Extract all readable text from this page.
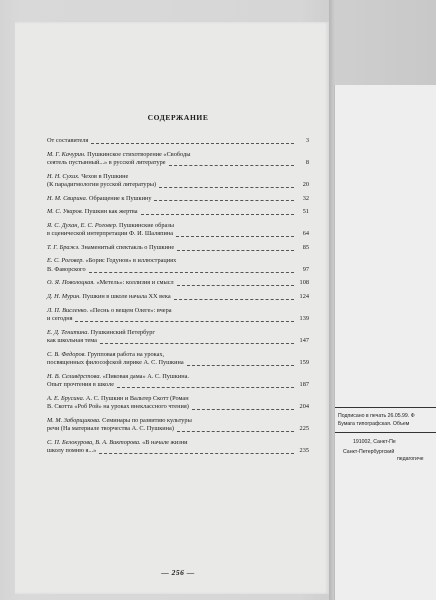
Подписано в печать 26.05.99. Ф
Бумага типографская. Объем
191002, Санкт-Пе
Санкт-Петербургский
педагогиче
СОДЕРЖАНИЕ
От составителя	3
М. Г. Качурин. Пушкинское стихотворение «Свободы
сеятель пустынный...» в русской литературе	8
Н. Н. Сухих. Чехов в Пушкине
(К парадигмологии русской литературы)	20
Н. М. Свирина. Обращение к Пушкину	32
М. С. Уваров. Пушкин как жертва	51
Я. С. Духан, Е. С. Роговер. Пушкинские образы
в сценической интерпретации Ф. И. Шаляпина	64
Т. Г. Бражэ. Знаменитый спектакль о Пушкине	85
Е. С. Роговер. «Борис Годунов» в иллюстрациях
В. Фаворского	97
О. Я. Поволоцкая. «Метель»: коллизия и смысл	108
Д. Н. Мурин. Пушкин в школе начала XX века	124
Л. П. Висленко. «Песнь о вещем Олеге»: вчера
и сегодня	139
Е. Д. Тенитина. Пушкинский Петербург
как школьная тема	147
С. В. Федоров. Групповая работа на уроках,
посвященных философской лирике А. С. Пушкина	159
Н. В. Селивёрстова. «Пиковая дама» А. С. Пушкина.
Опыт прочтения в школе	187
А. Е. Брусина. А. С. Пушкин и Вальтер Скотт (Роман
В. Скотта «Роб Рой» на уроках внеклассного чтения)	204
М. М. Заборщикова. Семинары по развитию культуры
речи (На материале творчества А. С. Пушкина)	225
С. П. Белокурова, В. А. Викторова. «В начале жизни
школу помню я...»	235
— 256 —
